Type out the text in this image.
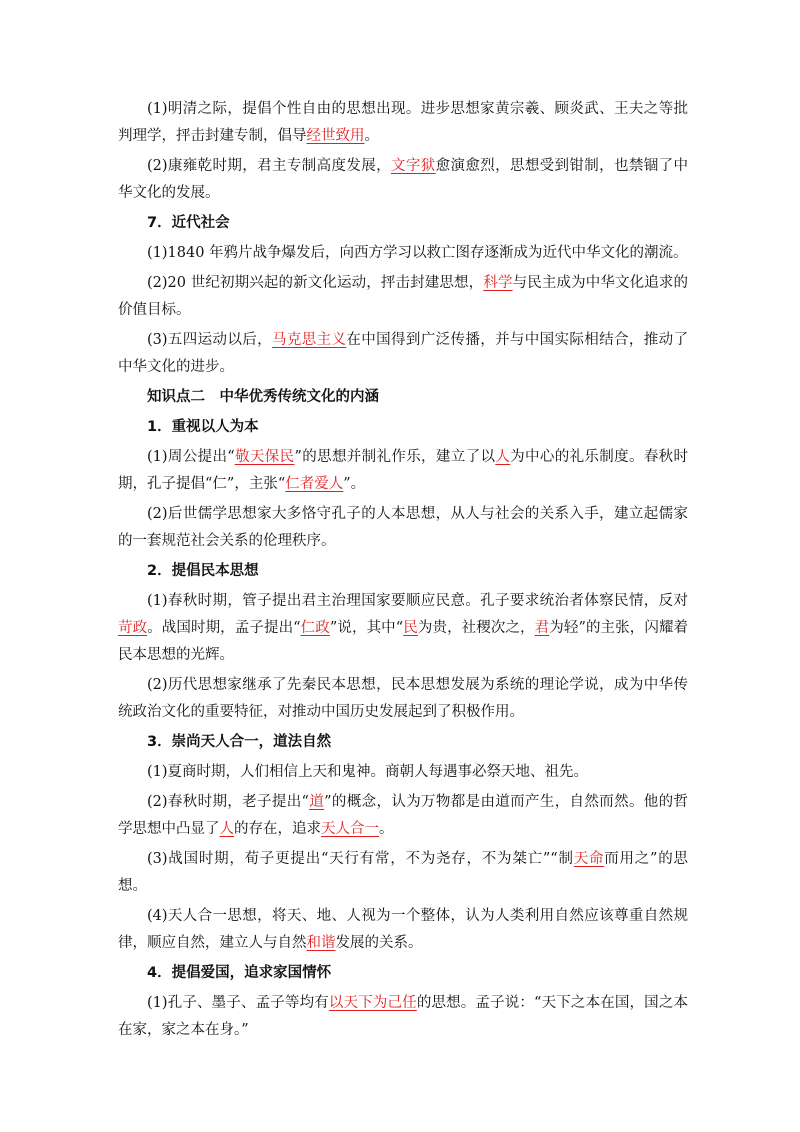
(1)明清之际，提倡个性自由的思想出现。进步思想家黄宗羲、顾炎武、王夫之等批判理学，抨击封建专制，倡导经世致用。

(2)康雍乾时期，君主专制高度发展，文字狱愈演愈烈，思想受到钳制，也禁锢了中华文化的发展。

7．近代社会

(1)1840 年鸦片战争爆发后，向西方学习以救亡图存逐渐成为近代中华文化的潮流。

(2)20 世纪初期兴起的新文化运动，抨击封建思想，科学与民主成为中华文化追求的价值目标。

(3)五四运动以后，马克思主义在中国得到广泛传播，并与中国实际相结合，推动了中华文化的进步。

知识点二　中华优秀传统文化的内涵

1．重视以人为本

(1)周公提出“敬天保民”的思想并制礼作乐，建立了以人为中心的礼乐制度。春秋时期，孔子提倡“仁”，主张“仁者爱人”。

(2)后世儒学思想家大多恪守孔子的人本思想，从人与社会的关系入手，建立起儒家的一套规范社会关系的伦理秩序。

2．提倡民本思想

(1)春秋时期，管子提出君主治理国家要顺应民意。孔子要求统治者体察民情，反对苛政。战国时期，孟子提出“仁政”说，其中“民为贵，社稷次之，君为轻”的主张，闪耀着民本思想的光辉。

(2)历代思想家继承了先秦民本思想，民本思想发展为系统的理论学说，成为中华传统政治文化的重要特征，对推动中国历史发展起到了积极作用。

3．崇尚天人合一，道法自然

(1)夏商时期，人们相信上天和鬼神。商朝人每遇事必祭天地、祖先。

(2)春秋时期，老子提出“道”的概念，认为万物都是由道而产生，自然而然。他的哲学思想中凸显了人的存在，追求天人合一。

(3)战国时期，荀子更提出“天行有常，不为尧存，不为桀亡”“制天命而用之”的思想。

(4)天人合一思想，将天、地、人视为一个整体，认为人类利用自然应该尊重自然规律，顺应自然，建立人与自然和谐发展的关系。

4．提倡爱国，追求家国情怀

(1)孔子、墨子、孟子等均有以天下为己任的思想。孟子说：“天下之本在国，国之本在家，家之本在身。”
